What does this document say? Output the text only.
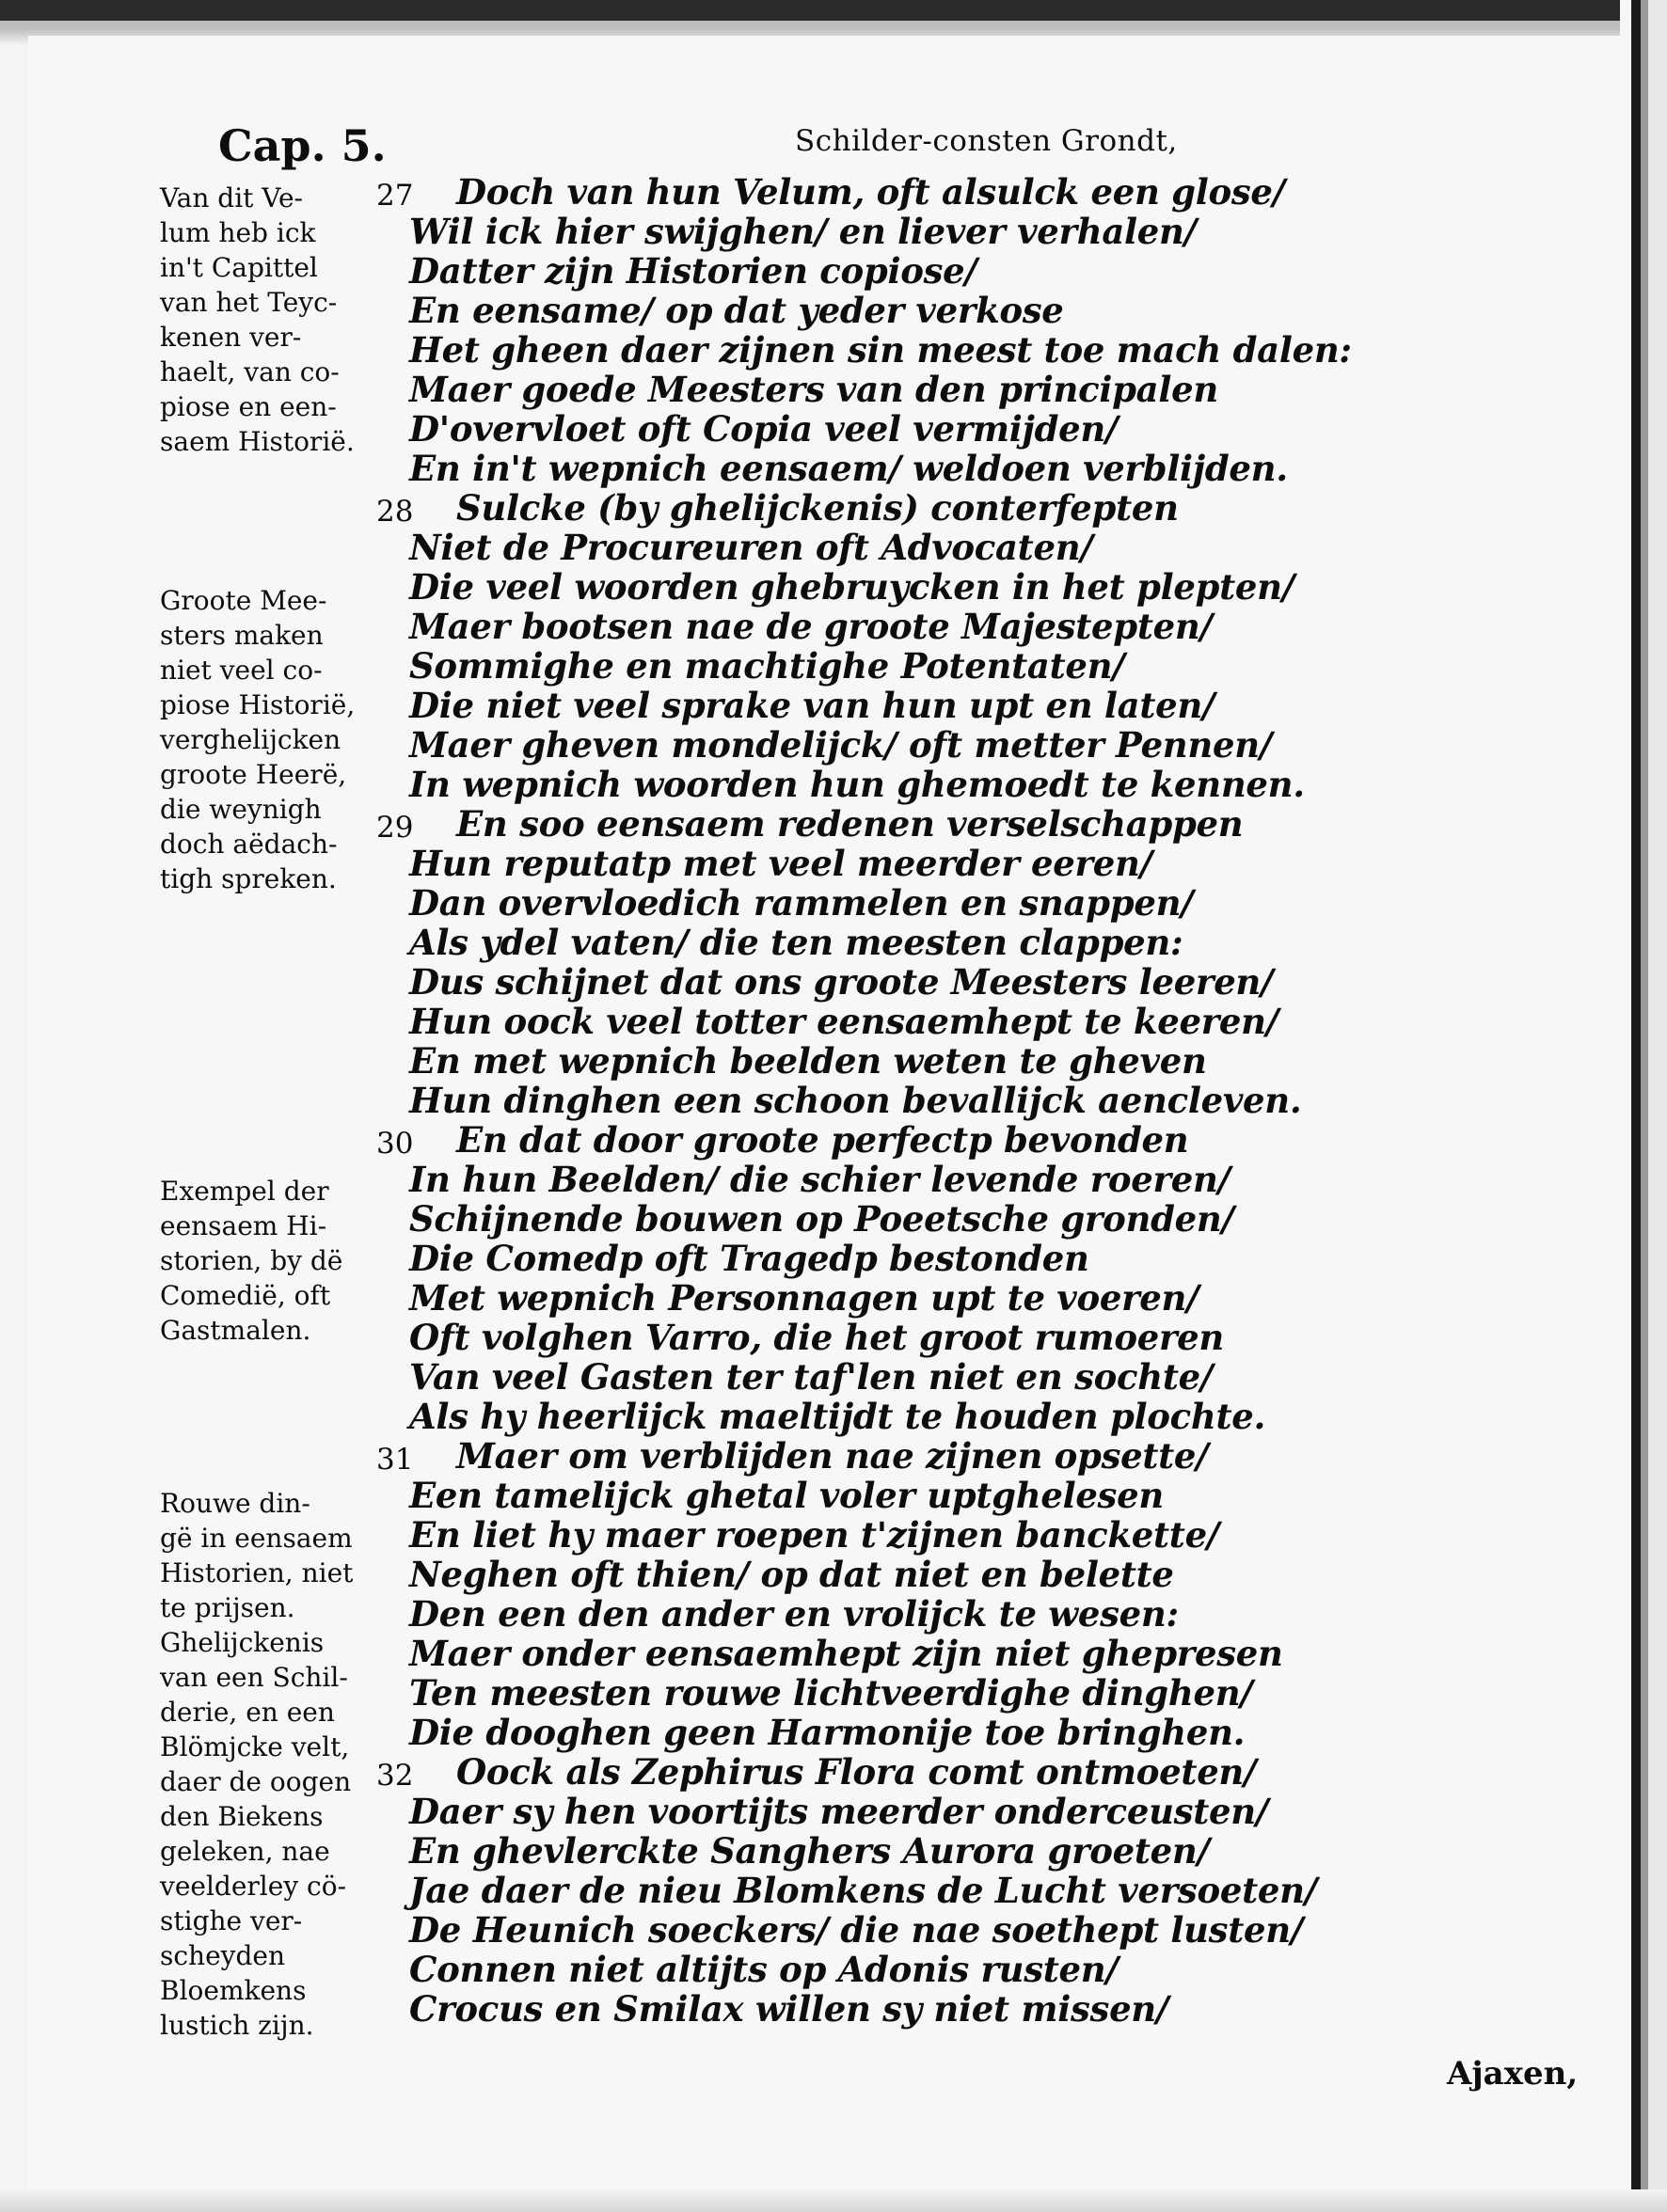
Cap. 5.	Schilder-consten Grondt,
Van dit Ve-
lum heb ick
in't Capittel
van het Teyc-
kenen ver-
haelt, van co-
piose en een-
saem Historië.
Groote Mee-
sters maken
niet veel co-
piose Historië,
verghelijcken
groote Heerë,
die weynigh
doch aëdach-
tigh spreken.
Exempel der
eensaem Hi-
storien, by dë
Comedië, oft
Gastmalen.
Rouwe din-
gë in eensaem
Historien, niet
te prijsen.
Ghelijckenis
van een Schil-
derie, en een
Blömjcke velt,
daer de oogen
den Biekens
geleken, nae
veelderley cö-
stighe ver-
scheyden
Bloemkens
lustich zijn.
27 Doch van hun Velum, oft alsulck een glose/
Wil ick hier swijghen/ en liever verhalen/
Datter zijn Historien copiose/
En eensame/ op dat yeder verkose
Het gheen daer zijnen sin meest toe mach dalen:
Maer goede Meesters van den principalen
D'overvloet oft Copia veel vermijden/
En in't wepnich eensaem/ weldoen verblijden.
28 Sulcke (by ghelijckenis) conterfepten
Niet de Procureuren oft Advocaten/
Die veel woorden ghebruycken in het plepten/
Maer bootsen nae de groote Majestepten/
Sommighe en machtighe Potentaten/
Die niet veel sprake van hun upt en laten/
Maer gheven mondelijck/ oft metter Pennen/
In wepnich woorden hun ghemoedt te kennen.
29 En soo eensaem redenen verselschappen
Hun reputatp met veel meerder eeren/
Dan overvloedich rammelen en snappen/
Als ydel vaten/ die ten meesten clappen:
Dus schijnet dat ons groote Meesters leeren/
Hun oock veel totter eensaemhept te keeren/
En met wepnich beelden weten te gheven
Hun dinghen een schoon bevallijck aencleven.
30 En dat door groote perfectp bevonden
In hun Beelden/ die schier levende roeren/
Schijnende bouwen op Poeetsche gronden/
Die Comedp oft Tragedp bestonden
Met wepnich Personnagen upt te voeren/
Oft volghen Varro, die het groot rumoeren
Van veel Gasten ter taf'len niet en sochte/
Als hy heerlijck maeltijdt te houden plochte.
31 Maer om verblijden nae zijnen opsette/
Een tamelijck ghetal voler uptghelesen
En liet hy maer roepen t'zijnen banckette/
Neghen oft thien/ op dat niet en belette
Den een den ander en vrolijck te wesen:
Maer onder eensaemhept zijn niet ghepresen
Ten meesten rouwe lichtveerdighe dinghen/
Die dooghen geen Harmonije toe bringhen.
32 Oock als Zephirus Flora comt ontmoeten/
Daer sy hen voortijts meerder onderceusten/
En ghevlerckte Sanghers Aurora groeten/
Jae daer de nieu Blomkens de Lucht versoeten/
De Heunich soeckers/ die nae soethept lusten/
Connen niet altijts op Adonis rusten/
Crocus en Smilax willen sy niet missen/
Ajaxen,
